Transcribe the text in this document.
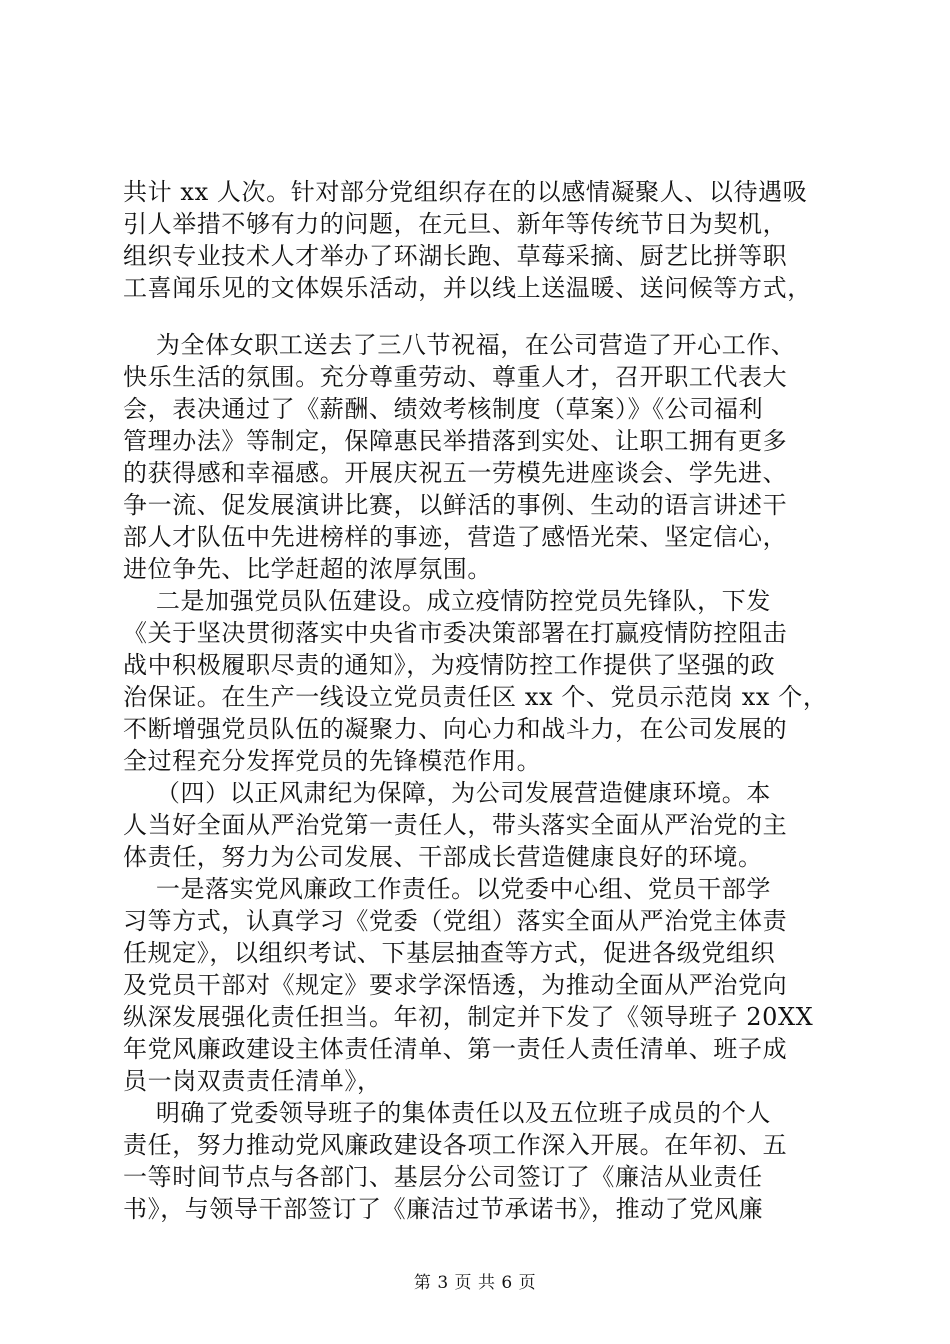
共计 xx 人次。针对部分党组织存在的以感情凝聚人、以待遇吸
引人举措不够有力的问题，在元旦、新年等传统节日为契机，
组织专业技术人才举办了环湖长跑、草莓采摘、厨艺比拼等职
工喜闻乐见的文体娱乐活动，并以线上送温暖、送问候等方式，
为全体女职工送去了三八节祝福，在公司营造了开心工作、
快乐生活的氛围。充分尊重劳动、尊重人才，召开职工代表大
会，表决通过了《薪酬、绩效考核制度（草案）》《公司福利
管理办法》等制定，保障惠民举措落到实处、让职工拥有更多
的获得感和幸福感。开展庆祝五一劳模先进座谈会、学先进、
争一流、促发展演讲比赛，以鲜活的事例、生动的语言讲述干
部人才队伍中先进榜样的事迹，营造了感悟光荣、坚定信心，
进位争先、比学赶超的浓厚氛围。
二是加强党员队伍建设。成立疫情防控党员先锋队，下发
《关于坚决贯彻落实中央省市委决策部署在打赢疫情防控阻击
战中积极履职尽责的通知》，为疫情防控工作提供了坚强的政
治保证。在生产一线设立党员责任区 xx 个、党员示范岗 xx 个，
不断增强党员队伍的凝聚力、向心力和战斗力，在公司发展的
全过程充分发挥党员的先锋模范作用。
（四）以正风肃纪为保障，为公司发展营造健康环境。本
人当好全面从严治党第一责任人，带头落实全面从严治党的主
体责任，努力为公司发展、干部成长营造健康良好的环境。
一是落实党风廉政工作责任。以党委中心组、党员干部学
习等方式，认真学习《党委（党组）落实全面从严治党主体责
任规定》，以组织考试、下基层抽查等方式，促进各级党组织
及党员干部对《规定》要求学深悟透，为推动全面从严治党向
纵深发展强化责任担当。年初，制定并下发了《领导班子 20XX
年党风廉政建设主体责任清单、第一责任人责任清单、班子成
员一岗双责责任清单》，
明确了党委领导班子的集体责任以及五位班子成员的个人
责任，努力推动党风廉政建设各项工作深入开展。在年初、五
一等时间节点与各部门、基层分公司签订了《廉洁从业责任
书》，与领导干部签订了《廉洁过节承诺书》，推动了党风廉
第 3 页 共 6 页
